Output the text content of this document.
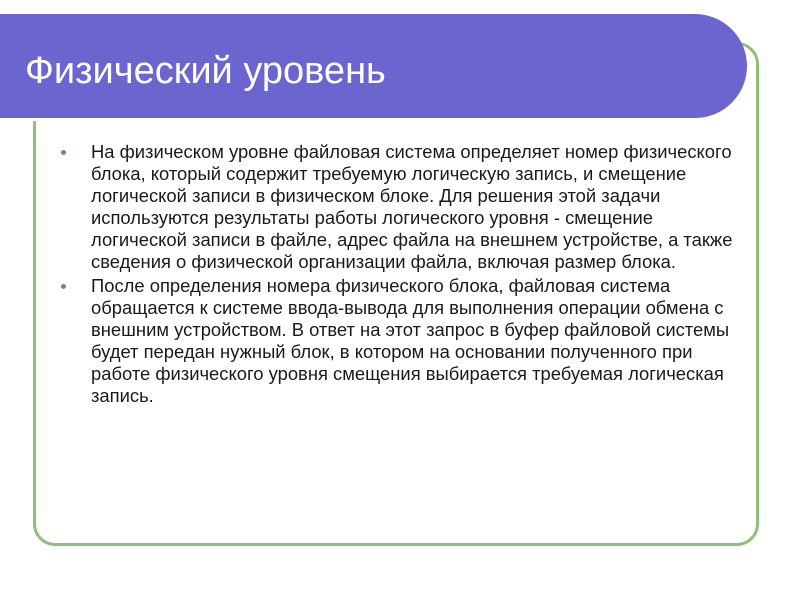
Физический уровень
На физическом уровне файловая система определяет номер физического блока, который содержит требуемую логическую запись, и смещение логической записи в физическом блоке. Для решения этой задачи используются результаты работы логического уровня - смещение логической записи в файле, адрес файла на внешнем устройстве, а также сведения о физической организации файла, включая размер блока.
После определения номера физического блока, файловая система обращается к системе ввода-вывода для выполнения операции обмена с внешним устройством. В ответ на этот запрос в буфер файловой системы будет передан нужный блок, в котором на основании полученного при работе физического уровня смещения выбирается требуемая логическая запись.
